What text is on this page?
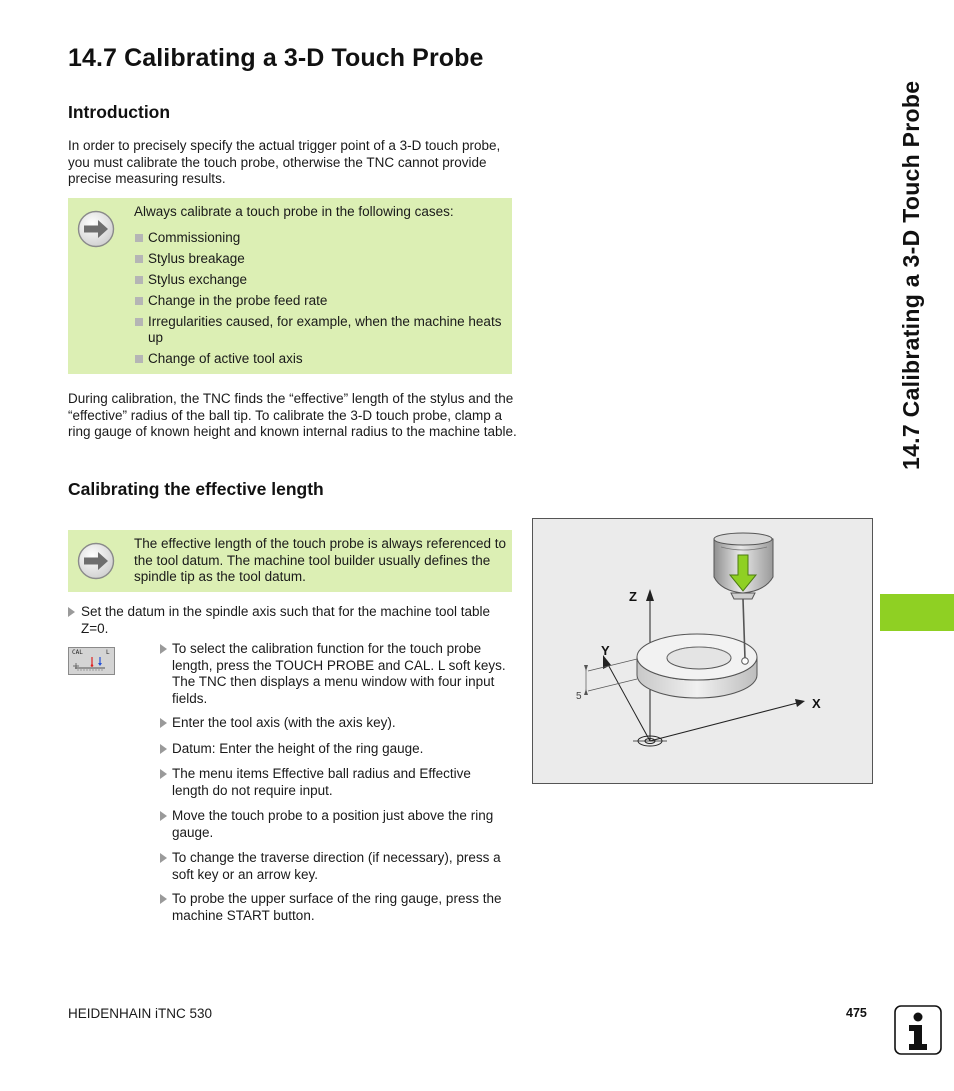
14.7 Calibrating a 3-D Touch Probe
Introduction

In order to precisely specify the actual trigger point of a 3-D touch probe, you must calibrate the touch probe, otherwise the TNC cannot provide precise measuring results.

Always calibrate a touch probe in the following cases:
Commissioning
Stylus breakage
Stylus exchange
Change in the probe feed rate
Irregularities caused, for example, when the machine heats up
Change of active tool axis

During calibration, the TNC finds the “effective” length of the stylus and the “effective” radius of the ball tip. To calibrate the 3-D touch probe, clamp a ring gauge of known height and known internal radius to the machine table.

Calibrating the effective length
The effective length of the touch probe is always referenced to the tool datum. The machine tool builder usually defines the spindle tip as the tool datum.
Set the datum in the spindle axis such that for the machine tool table Z=0.
CAL	L	To select the calibration function for the touch probe length, press the TOUCH PROBE and CAL. L soft keys. The TNC then displays a menu window with four input fields.
Enter the tool axis (with the axis key).
Datum: Enter the height of the ring gauge.
The menu items Effective ball radius and Effective length do not require input.
Move the touch probe to a position just above the ring gauge.
To change the traverse direction (if necessary), press a soft key or an arrow key.
To probe the upper surface of the ring gauge, press the machine START button.
5
Z
Y
X
14.7 Calibrating a 3-D Touch Probe
HEIDENHAIN iTNC 530	475
